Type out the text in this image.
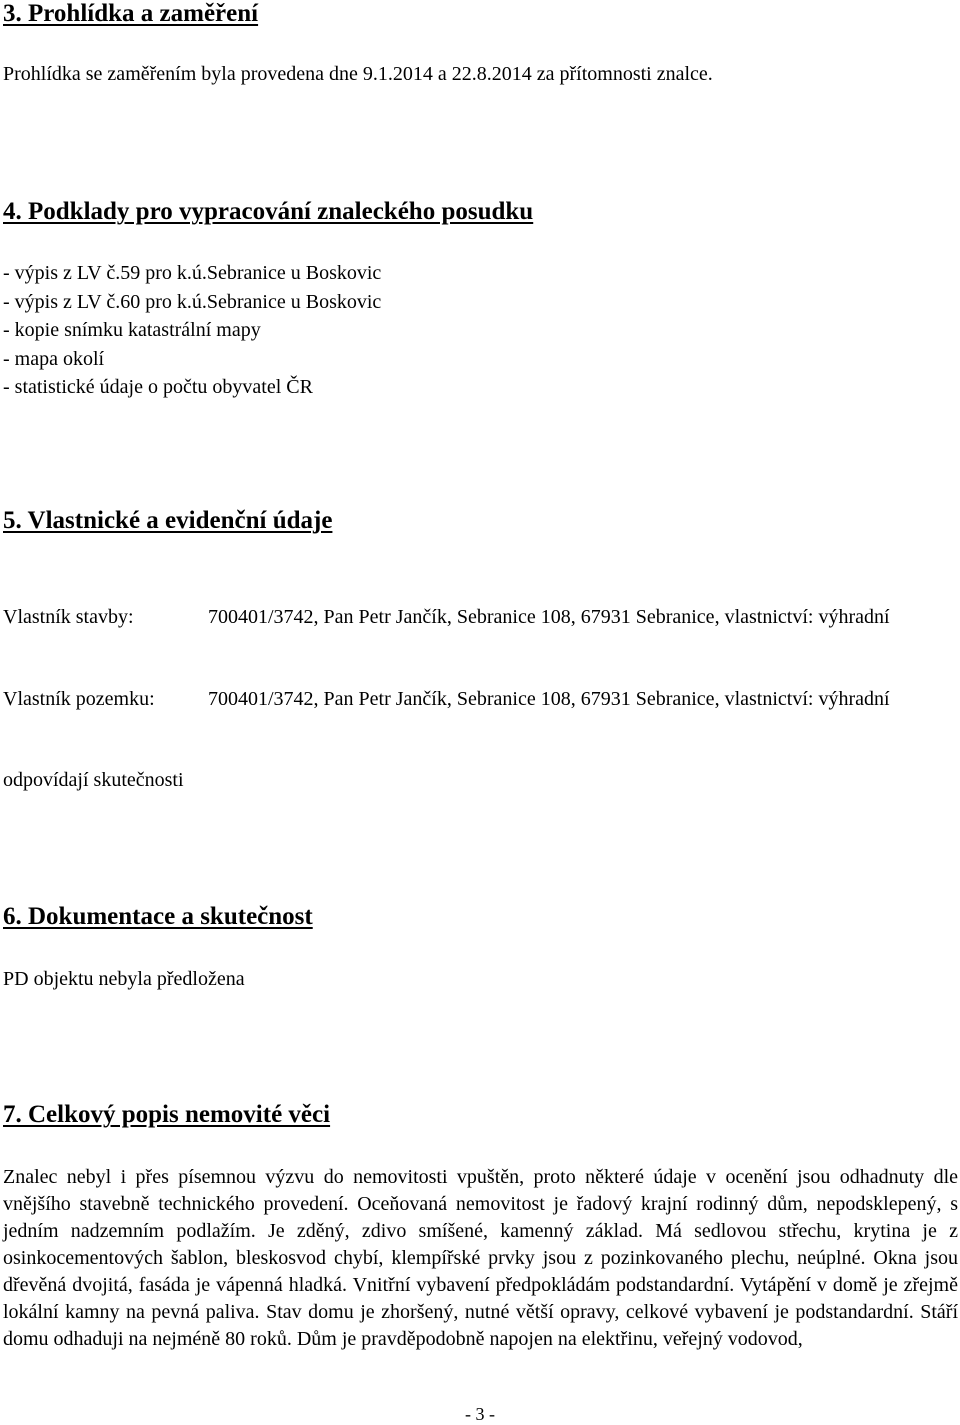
3. Prohlídka a zaměření
Prohlídka se zaměřením byla provedena dne 9.1.2014 a 22.8.2014 za přítomnosti znalce.
4. Podklady pro vypracování znaleckého posudku
- výpis z LV č.59 pro k.ú.Sebranice u Boskovic
- výpis z LV č.60 pro k.ú.Sebranice u Boskovic
- kopie snímku katastrální mapy
- mapa okolí
- statistické údaje o počtu obyvatel ČR
5. Vlastnické a evidenční údaje
Vlastník stavby:	700401/3742, Pan Petr Jančík, Sebranice 108, 67931 Sebranice, vlastnictví: výhradní
Vlastník pozemku:	700401/3742, Pan Petr Jančík, Sebranice 108, 67931 Sebranice, vlastnictví: výhradní
odpovídají skutečnosti
6. Dokumentace a skutečnost
PD objektu nebyla předložena
7. Celkový popis nemovité věci

Znalec nebyl i přes písemnou výzvu do nemovitosti vpuštěn, proto některé údaje v ocenění jsou odhadnuty dle vnějšího stavebně technického provedení. Oceňovaná nemovitost je řadový krajní rodinný dům, nepodsklepený, s jedním nadzemním podlažím. Je zděný, zdivo smíšené, kamenný základ. Má sedlovou střechu, krytina je z osinkocementových šablon, bleskosvod chybí, klempířské prvky jsou z pozinkovaného plechu, neúplné. Okna jsou dřevěná dvojitá, fasáda je vápenná hladká. Vnitřní vybavení předpokládám podstandardní. Vytápění v domě je zřejmě lokální kamny na pevná paliva. Stav domu je zhoršený, nutné větší opravy, celkové vybavení je podstandardní. Stáří domu odhaduji na nejméně 80 roků. Dům je pravděpodobně napojen na elektřinu, veřejný vodovod,

- 3 -
